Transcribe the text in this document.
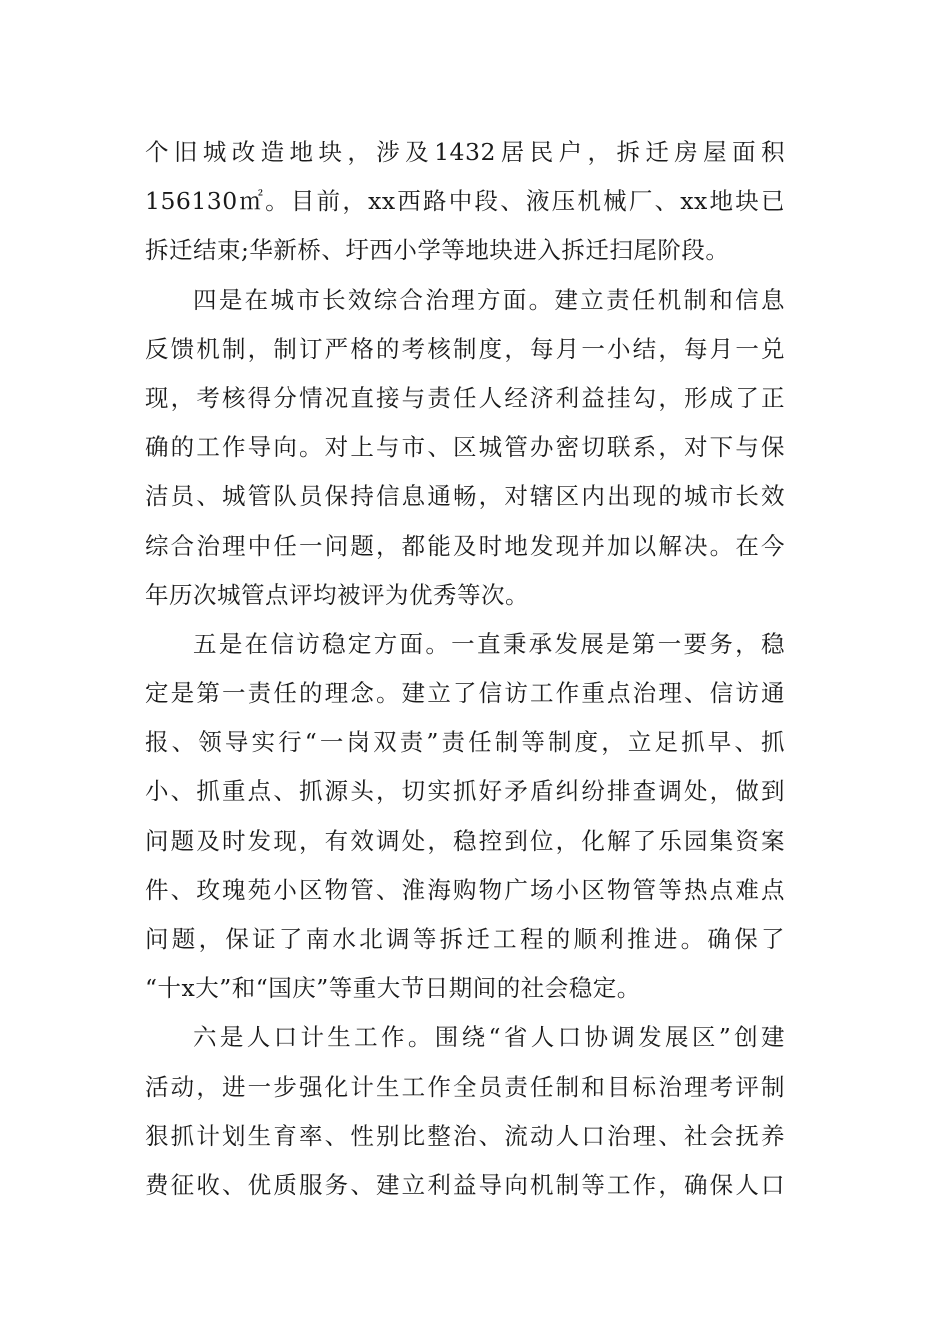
个旧城改造地块，涉及1432居民户，拆迁房屋面积
156130㎡。目前，xx西路中段、液压机械厂、xx地块已
拆迁结束;华新桥、圩西小学等地块进入拆迁扫尾阶段。
四是在城市长效综合治理方面。建立责任机制和信息
反馈机制，制订严格的考核制度，每月一小结，每月一兑
现，考核得分情况直接与责任人经济利益挂勾，形成了正
确的工作导向。对上与市、区城管办密切联系，对下与保
洁员、城管队员保持信息通畅，对辖区内出现的城市长效
综合治理中任一问题，都能及时地发现并加以解决。在今
年历次城管点评均被评为优秀等次。
五是在信访稳定方面。一直秉承发展是第一要务，稳
定是第一责任的理念。建立了信访工作重点治理、信访通
报、领导实行“一岗双责”责任制等制度，立足抓早、抓
小、抓重点、抓源头，切实抓好矛盾纠纷排查调处，做到
问题及时发现，有效调处，稳控到位，化解了乐园集资案
件、玫瑰苑小区物管、淮海购物广场小区物管等热点难点
问题，保证了南水北调等拆迁工程的顺利推进。确保了
“十x大”和“国庆”等重大节日期间的社会稳定。
六是人口计生工作。围绕“省人口协调发展区”创建
活动，进一步强化计生工作全员责任制和目标治理考评制
狠抓计划生育率、性别比整治、流动人口治理、社会抚养
费征收、优质服务、建立利益导向机制等工作，确保人口
